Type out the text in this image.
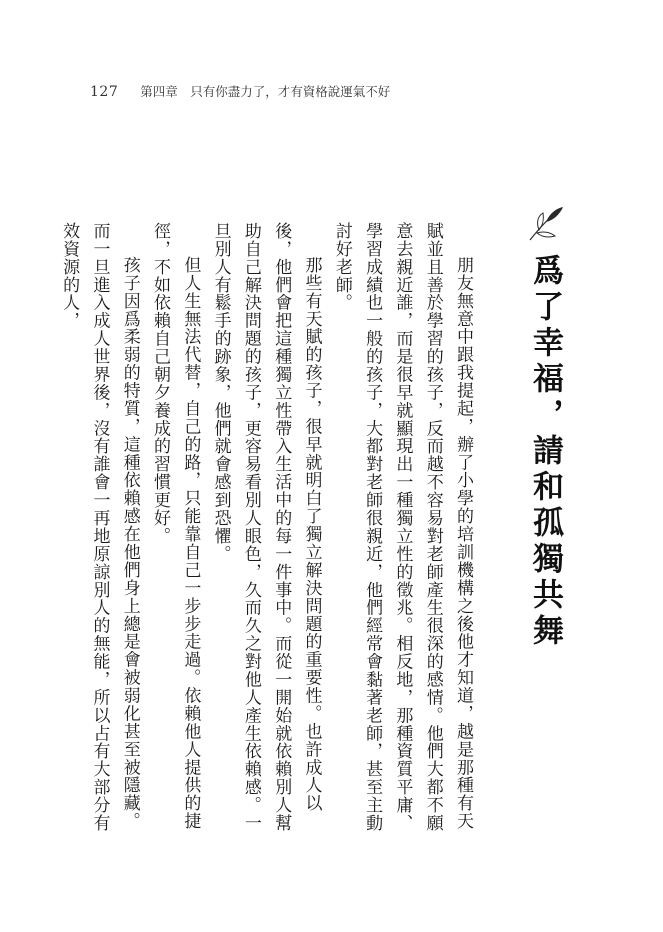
127 第四章　只有你盡力了，才有資格說運氣不好
爲了幸福，請和孤獨共舞

朋友無意中跟我提起，辦了小學的培訓機構之後他才知道，越是那種有天賦並且善於學習的孩子，反而越不容易對老師產生很深的感情。他們大都不願意去親近誰，而是很早就顯現出一種獨立性的徵兆。相反地，那種資質平庸、學習成績也一般的孩子，大都對老師很親近，他們經常會黏著老師，甚至主動討好老師。

那些有天賦的孩子，很早就明白了獨立解決問題的重要性。也許成人以後，他們會把這種獨立性帶入生活中的每一件事中。而從一開始就依賴別人幫助自己解決問題的孩子，更容易看別人眼色，久而久之對他人產生依賴感。一旦別人有鬆手的跡象，他們就會感到恐懼。

但人生無法代替，自己的路，只能靠自己一步步走過。依賴他人提供的捷徑，不如依賴自己朝夕養成的習慣更好。

孩子因爲柔弱的特質，這種依賴感在他們身上總是會被弱化甚至被隱藏。而一旦進入成人世界後，沒有誰會一再地原諒別人的無能，所以占有大部分有效資源的人，
